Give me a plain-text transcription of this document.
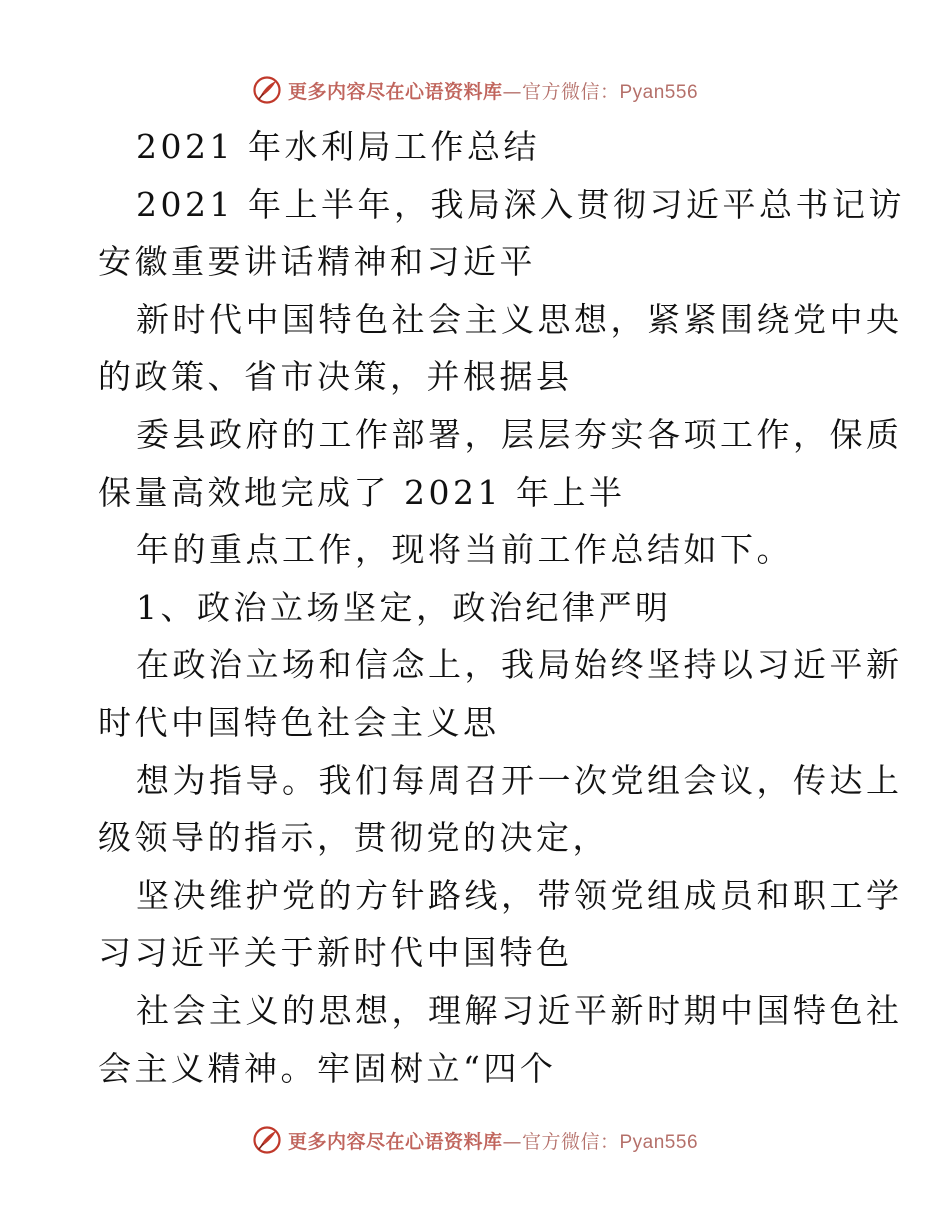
更多内容尽在心语资料库—官方微信：Pyan556
2021 年水利局工作总结
2021 年上半年，我局深入贯彻习近平总书记访
安徽重要讲话精神和习近平
新时代中国特色社会主义思想，紧紧围绕党中央
的政策、省市决策，并根据县
委县政府的工作部署，层层夯实各项工作，保质
保量高效地完成了 2021 年上半
年的重点工作，现将当前工作总结如下。
1、政治立场坚定，政治纪律严明
在政治立场和信念上，我局始终坚持以习近平新
时代中国特色社会主义思
想为指导。我们每周召开一次党组会议，传达上
级领导的指示，贯彻党的决定，
坚决维护党的方针路线，带领党组成员和职工学
习习近平关于新时代中国特色
社会主义的思想，理解习近平新时期中国特色社
会主义精神。牢固树立“四个
更多内容尽在心语资料库—官方微信：Pyan556
